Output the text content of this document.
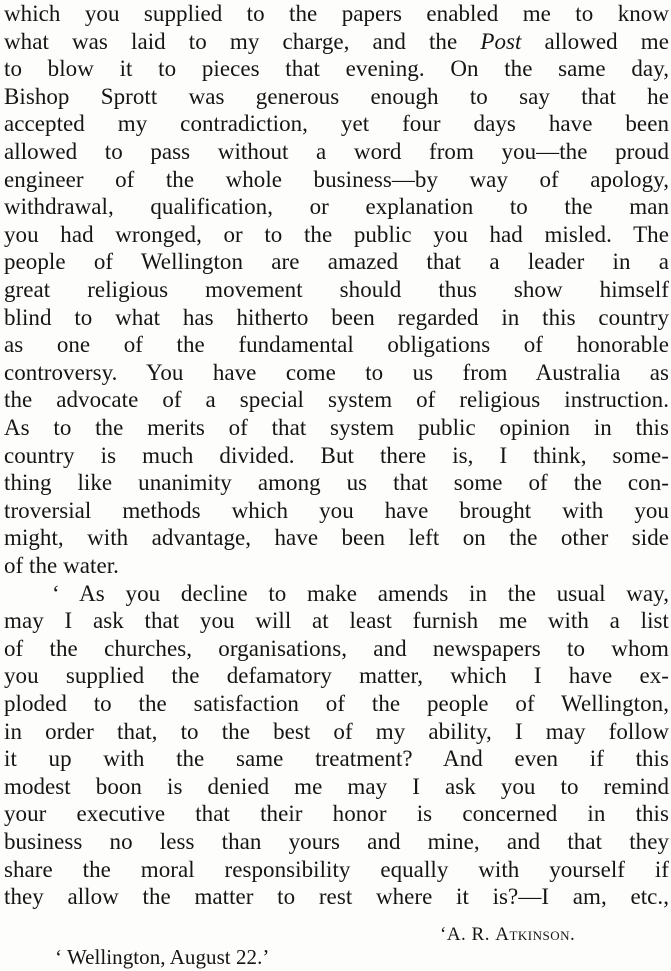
which you supplied to the papers enabled me to know
what was laid to my charge, and the Post allowed me
to blow it to pieces that evening. On the same day,
Bishop Sprott was generous enough to say that he
accepted my contradiction, yet four days have been
allowed to pass without a word from you—the proud
engineer of the whole business—by way of apology,
withdrawal, qualification, or explanation to the man
you had wronged, or to the public you had misled. The
people of Wellington are amazed that a leader in a
great religious movement should thus show himself
blind to what has hitherto been regarded in this country
as one of the fundamental obligations of honorable
controversy. You have come to us from Australia as
the advocate of a special system of religious instruction.
As to the merits of that system public opinion in this
country is much divided. But there is, I think, some-
thing like unanimity among us that some of the con-
troversial methods which you have brought with you
might, with advantage, have been left on the other side
of the water.
‘ As you decline to make amends in the usual way,
may I ask that you will at least furnish me with a list
of the churches, organisations, and newspapers to whom
you supplied the defamatory matter, which I have ex-
ploded to the satisfaction of the people of Wellington,
in order that, to the best of my ability, I may follow
it up with the same treatment? And even if this
modest boon is denied me may I ask you to remind
your executive that their honor is concerned in this
business no less than yours and mine, and that they
share the moral responsibility equally with yourself if
they allow the matter to rest where it is?—I am, etc.,
‘A. R. Atkinson.
‘ Wellington, August 22.’
